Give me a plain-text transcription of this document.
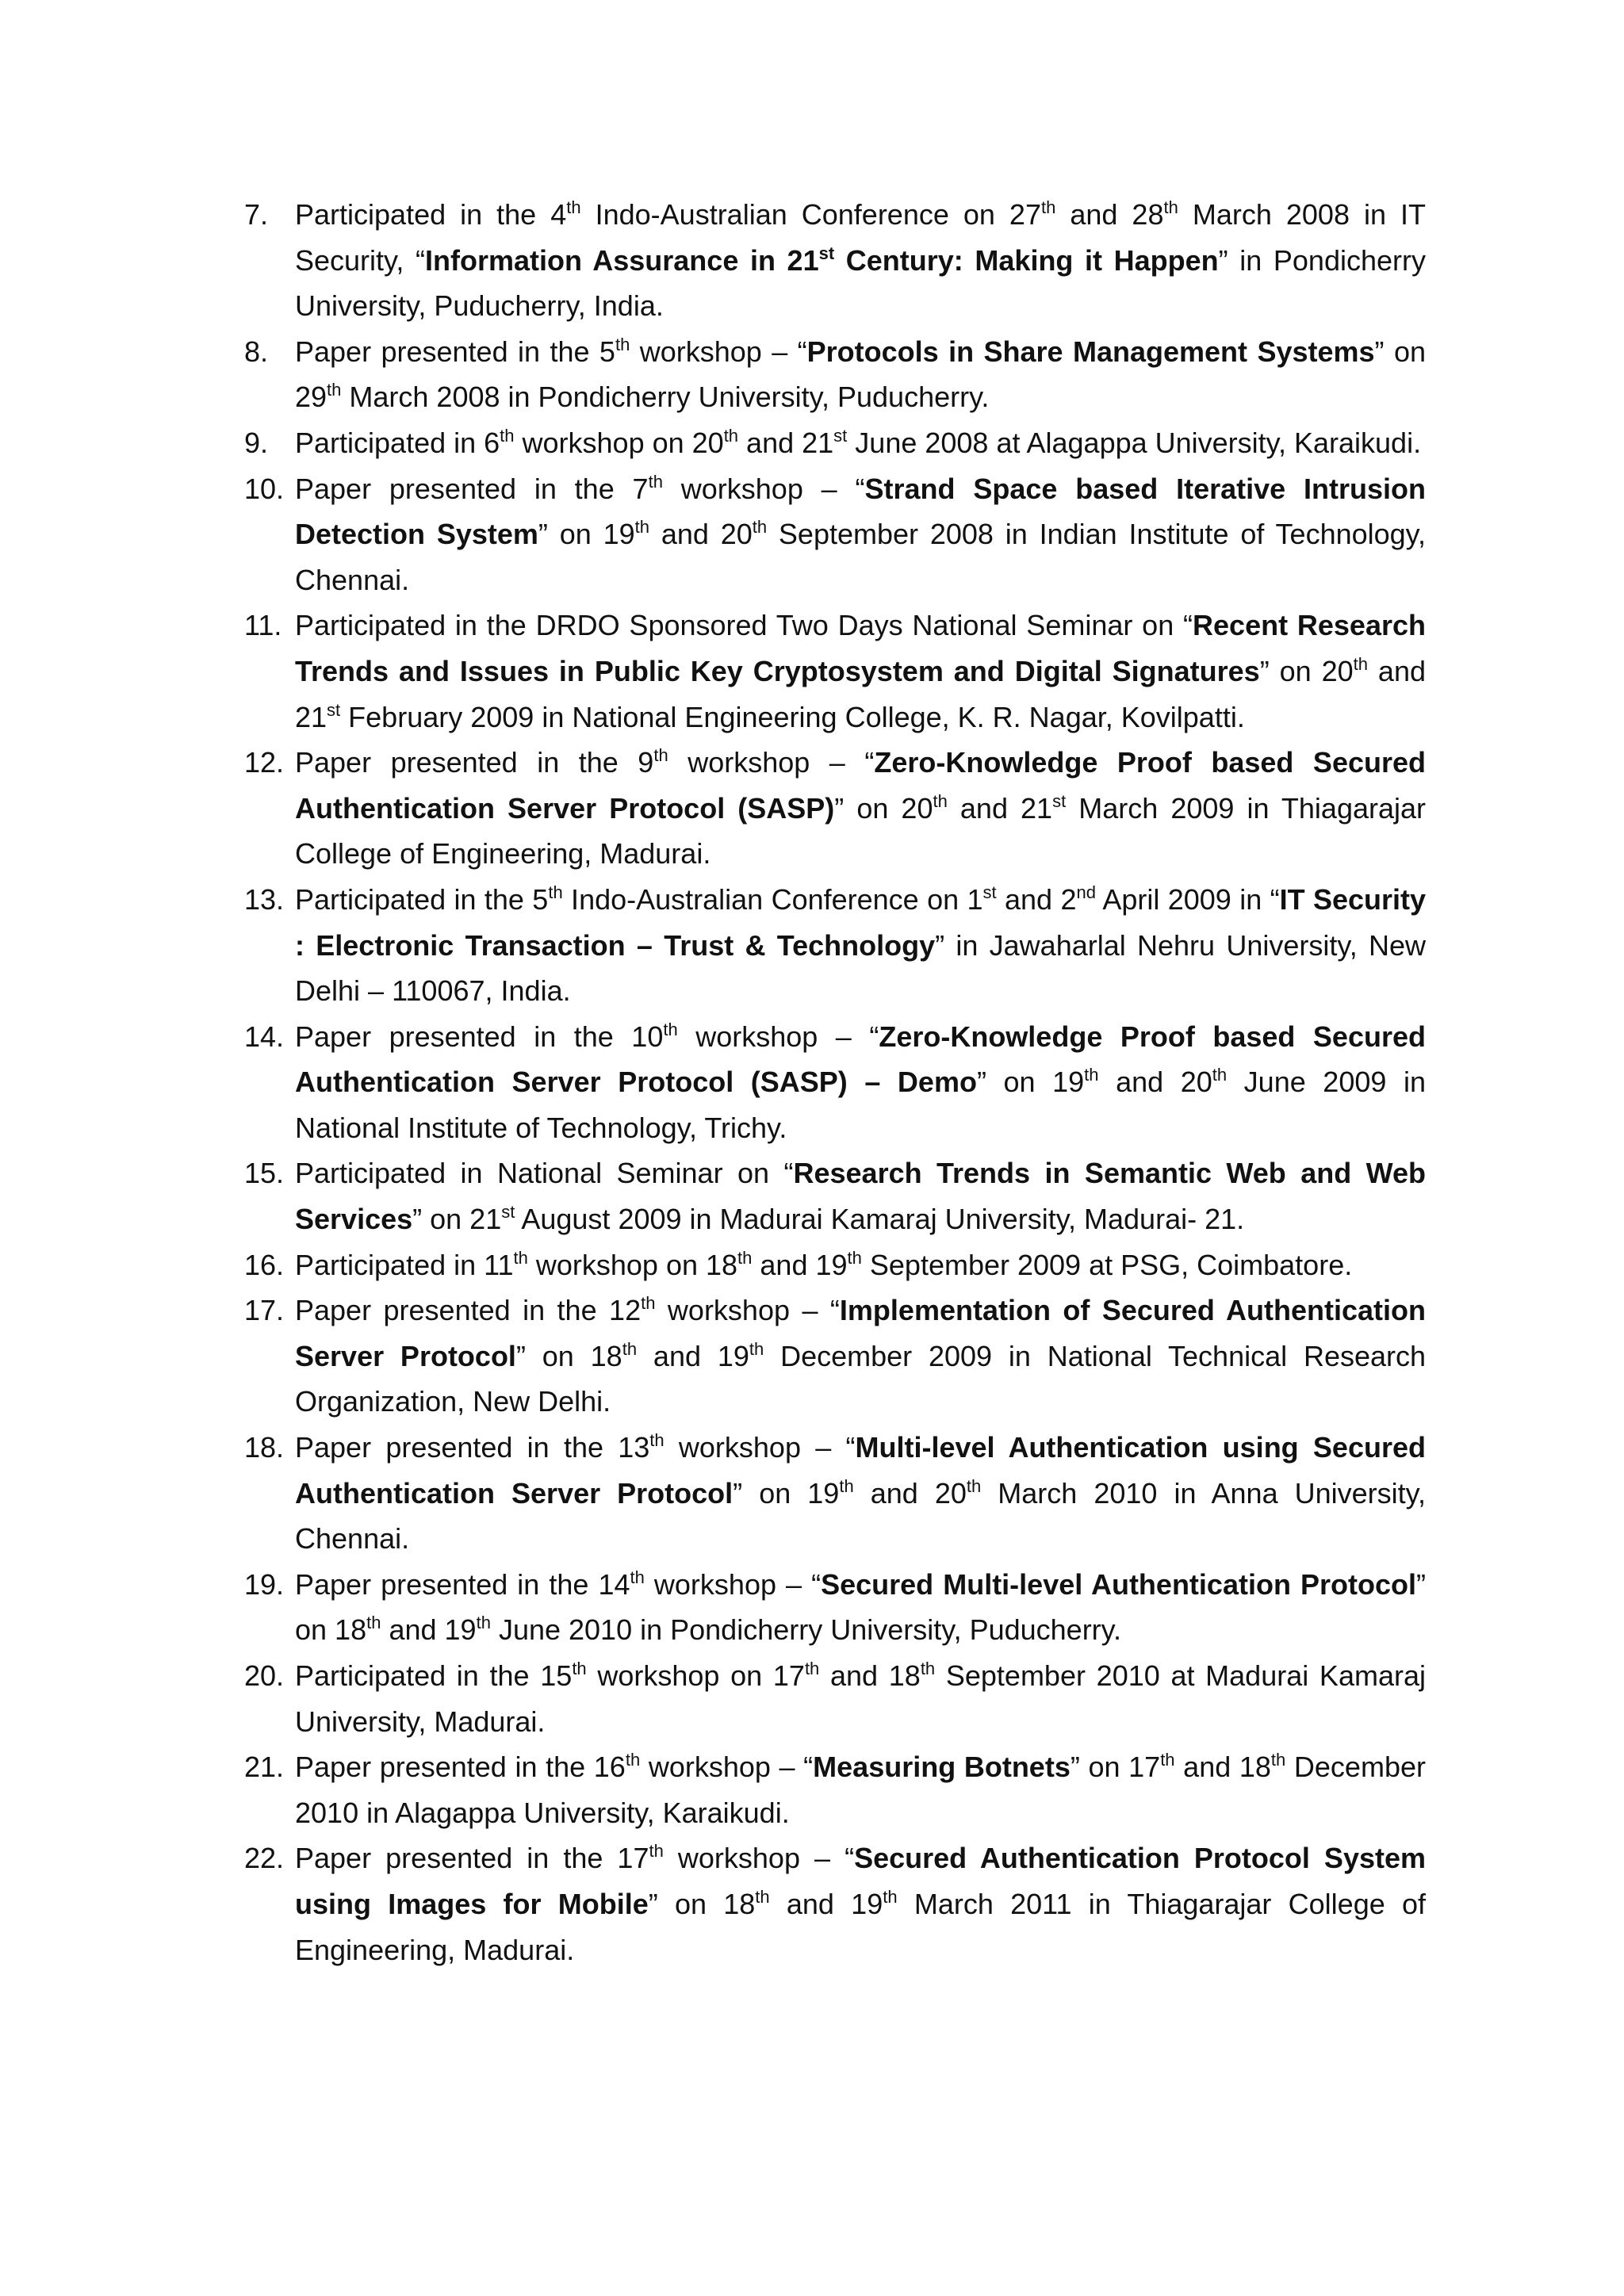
7. Participated in the 4th Indo-Australian Conference on 27th and 28th March 2008 in IT Security, “Information Assurance in 21st Century: Making it Happen” in Pondicherry University, Puducherry, India.
8. Paper presented in the 5th workshop – “Protocols in Share Management Systems” on 29th March 2008 in Pondicherry University, Puducherry.
9. Participated in 6th workshop on 20th and 21st June 2008 at Alagappa University, Karaikudi.
10. Paper presented in the 7th workshop – “Strand Space based Iterative Intrusion Detection System” on 19th and 20th September 2008 in Indian Institute of Technology, Chennai.
11. Participated in the DRDO Sponsored Two Days National Seminar on “Recent Research Trends and Issues in Public Key Cryptosystem and Digital Signatures” on 20th and 21st February 2009 in National Engineering College, K. R. Nagar, Kovilpatti.
12. Paper presented in the 9th workshop – “Zero-Knowledge Proof based Secured Authentication Server Protocol (SASP)” on 20th and 21st March 2009 in Thiagarajar College of Engineering, Madurai.
13. Participated in the 5th Indo-Australian Conference on 1st and 2nd April 2009 in “IT Security : Electronic Transaction – Trust & Technology” in Jawaharlal Nehru University, New Delhi – 110067, India.
14. Paper presented in the 10th workshop – “Zero-Knowledge Proof based Secured Authentication Server Protocol (SASP) – Demo” on 19th and 20th June 2009 in National Institute of Technology, Trichy.
15. Participated in National Seminar on “Research Trends in Semantic Web and Web Services” on 21st August 2009 in Madurai Kamaraj University, Madurai- 21.
16. Participated in 11th workshop on 18th and 19th September 2009 at PSG, Coimbatore.
17. Paper presented in the 12th workshop – “Implementation of Secured Authentication Server Protocol” on 18th and 19th December 2009 in National Technical Research Organization, New Delhi.
18. Paper presented in the 13th workshop – “Multi-level Authentication using Secured Authentication Server Protocol” on 19th and 20th March 2010 in Anna University, Chennai.
19. Paper presented in the 14th workshop – “Secured Multi-level Authentication Protocol” on 18th and 19th June 2010 in Pondicherry University, Puducherry.
20. Participated in the 15th workshop on 17th and 18th September 2010 at Madurai Kamaraj University, Madurai.
21. Paper presented in the 16th workshop – “Measuring Botnets” on 17th and 18th December 2010 in Alagappa University, Karaikudi.
22. Paper presented in the 17th workshop – “Secured Authentication Protocol System using Images for Mobile” on 18th and 19th March 2011 in Thiagarajar College of Engineering, Madurai.
